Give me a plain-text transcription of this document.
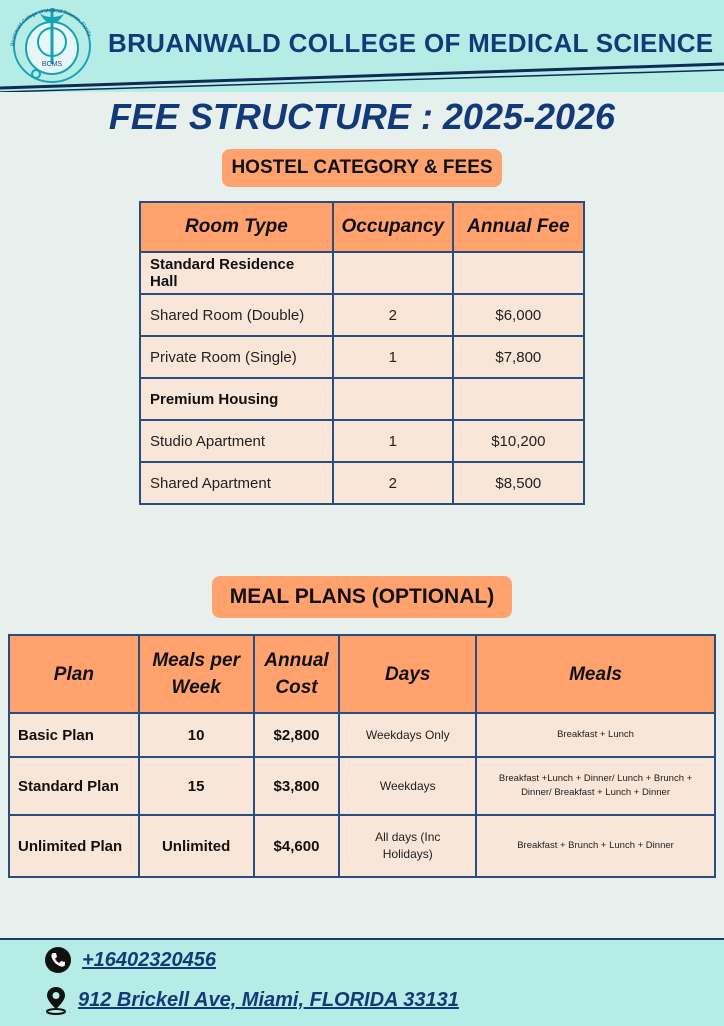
Bruanwald College of Medical Science, Florida
BCMS
BRUANWALD COLLEGE OF MEDICAL SCIENCE
FEE STRUCTURE : 2025-2026
HOSTEL CATEGORY & FEES
Room Type	Occupancy	Annual Fee
Standard Residence Hall		
Shared Room (Double)	2	$6,000
Private Room (Single)	1	$7,800
Premium Housing		
Studio Apartment	1	$10,200
Shared Apartment	2	$8,500
MEAL PLANS (OPTIONAL)
Plan	Meals per Week	Annual Cost	Days	Meals
Basic Plan	10	$2,800	Weekdays Only	Breakfast + Lunch
Standard Plan	15	$3,800	Weekdays	Breakfast +Lunch + Dinner/ Lunch + Brunch + Dinner/ Breakfast + Lunch + Dinner
Unlimited Plan	Unlimited	$4,600	All days (Inc Holidays)	Breakfast + Brunch + Lunch + Dinner
+16402320456
912 Brickell Ave, Miami, FLORIDA 33131
